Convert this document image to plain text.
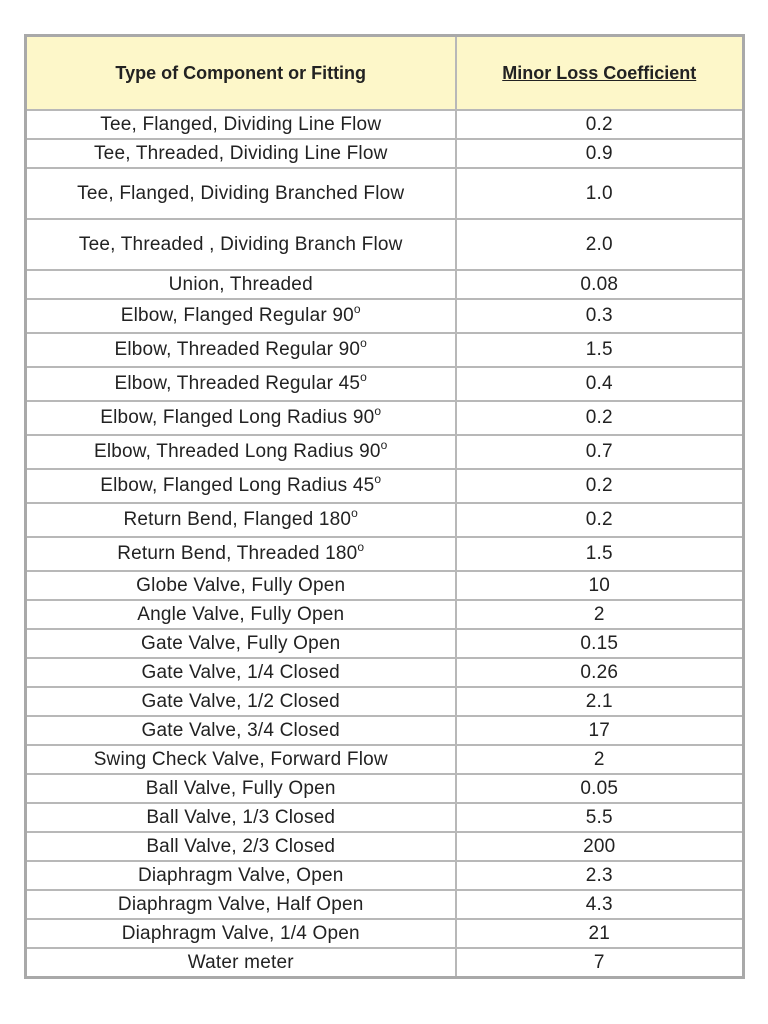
Type of Component or Fitting	Minor Loss Coefficient
Tee, Flanged, Dividing Line Flow	0.2
Tee, Threaded, Dividing Line Flow	0.9
Tee, Flanged, Dividing Branched Flow	1.0
Tee, Threaded , Dividing Branch Flow	2.0
Union, Threaded	0.08
Elbow, Flanged Regular 90$^o$	0.3
Elbow, Threaded Regular 90$^o$	1.5
Elbow, Threaded Regular 45$^o$	0.4
Elbow, Flanged Long Radius 90$^o$	0.2
Elbow, Threaded Long Radius 90$^o$	0.7
Elbow, Flanged Long Radius 45$^o$	0.2
Return Bend, Flanged 180$^o$	0.2
Return Bend, Threaded 180$^o$	1.5
Globe Valve, Fully Open	10
Angle Valve, Fully Open	2
Gate Valve, Fully Open	0.15
Gate Valve, 1/4 Closed	0.26
Gate Valve, 1/2 Closed	2.1
Gate Valve, 3/4 Closed	17
Swing Check Valve, Forward Flow	2
Ball Valve, Fully Open	0.05
Ball Valve, 1/3 Closed	5.5
Ball Valve, 2/3 Closed	200
Diaphragm Valve, Open	2.3
Diaphragm Valve, Half Open	4.3
Diaphragm Valve, 1/4 Open	21
Water meter	7
